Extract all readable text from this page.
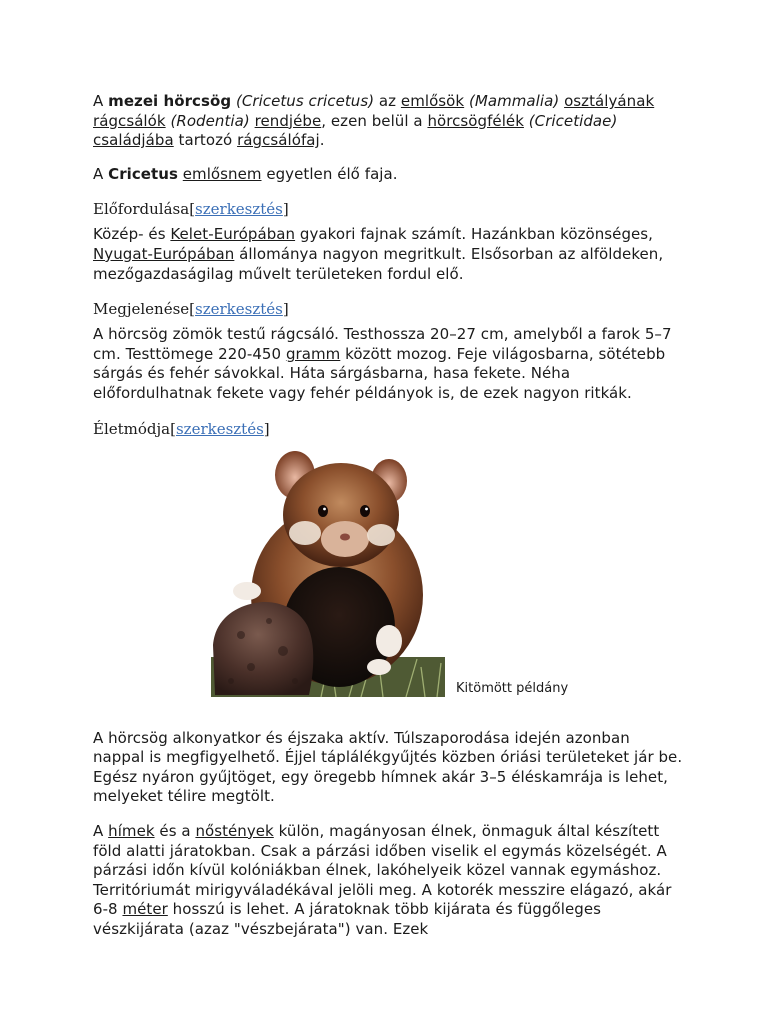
A mezei hörcsög (Cricetus cricetus) az emlősök (Mammalia) osztályának rágcsálók (Rodentia) rendjébe, ezen belül a hörcsögfélék (Cricetidae) családjába tartozó rágcsálófaj.

A Cricetus emlősnem egyetlen élő faja.

Előfordulása[szerkesztés]

Közép- és Kelet-Európában gyakori fajnak számít. Hazánkban közönséges, Nyugat-Európában állománya nagyon megritkult. Elsősorban az alföldeken, mezőgazdaságilag művelt területeken fordul elő.

Megjelenése[szerkesztés]

A hörcsög zömök testű rágcsáló. Testhossza 20–27 cm, amelyből a farok 5–7 cm. Testtömege 220-450 gramm között mozog. Feje világosbarna, sötétebb sárgás és fehér sávokkal. Háta sárgásbarna, hasa fekete. Néha előfordulhatnak fekete vagy fehér példányok is, de ezek nagyon ritkák.

Életmódja[szerkesztés]
Kitömött példány

A hörcsög alkonyatkor és éjszaka aktív. Túlszaporodása idején azonban nappal is megfigyelhető. Éjjel táplálékgyűjtés közben óriási területeket jár be. Egész nyáron gyűjtöget, egy öregebb hímnek akár 3–5 éléskamrája is lehet, melyeket télire megtölt.

A hímek és a nőstények külön, magányosan élnek, önmaguk által készített föld alatti járatokban. Csak a párzási időben viselik el egymás közelségét. A párzási időn kívül kolóniákban élnek, lakóhelyeik közel vannak egymáshoz. Territóriumát mirigyváladékával jelöli meg. A kotorék messzire elágazó, akár 6-8 méter hosszú is lehet. A járatoknak több kijárata és függőleges vészkijárata (azaz "vészbejárata") van. Ezek
